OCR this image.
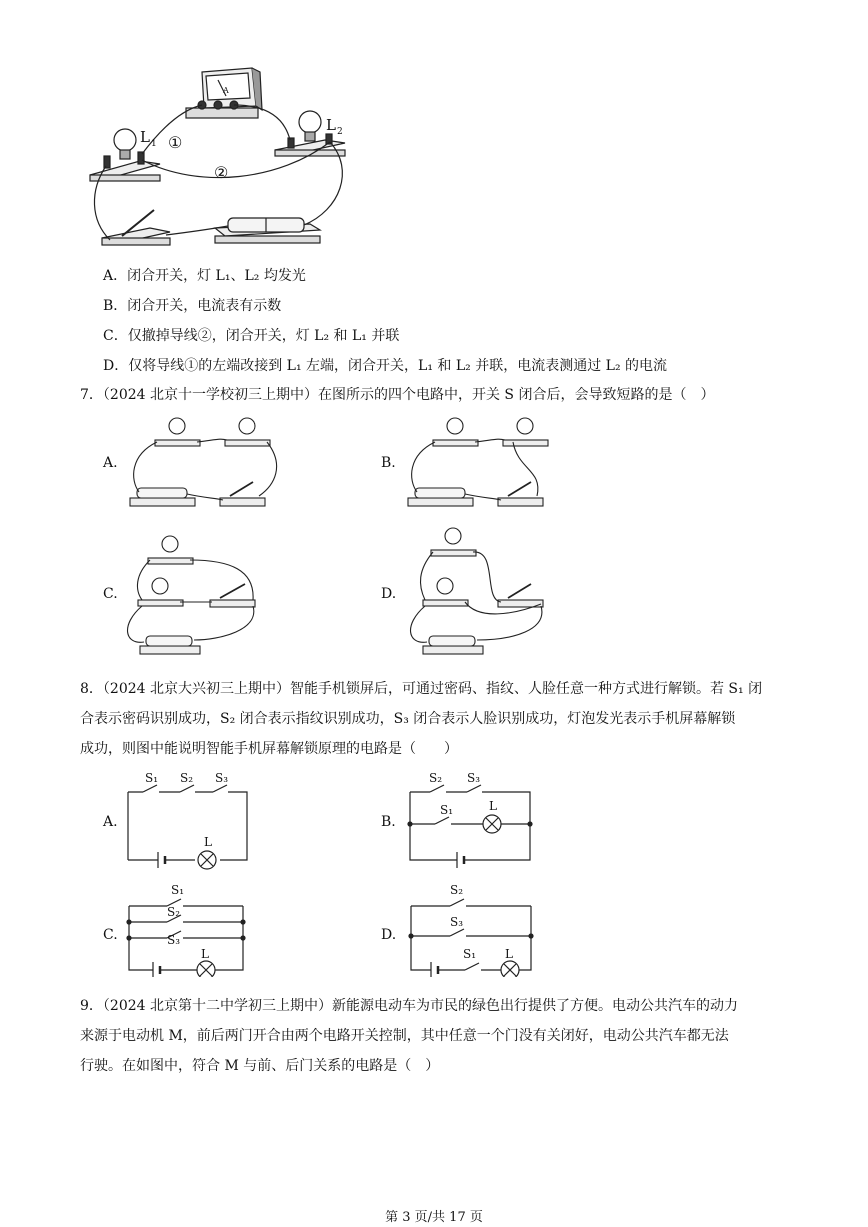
L 1
L 2
①
②
A
A．闭合开关，灯 L₁、L₂ 均发光
B．闭合开关，电流表有示数
C．仅撤掉导线②，闭合开关，灯 L₂ 和 L₁ 并联
D．仅将导线①的左端改接到 L₁ 左端，闭合开关，L₁ 和 L₂ 并联，电流表测通过 L₂ 的电流
7．（2024 北京十一学校初三上期中）在图所示的四个电路中，开关 S 闭合后，会导致短路的是（　）
A.	B.
C.	D.
8．（2024 北京大兴初三上期中）智能手机锁屏后，可通过密码、指纹、人脸任意一种方式进行解锁。若 S₁ 闭
合表示密码识别成功，S₂ 闭合表示指纹识别成功，S₃ 闭合表示人脸识别成功，灯泡发光表示手机屏幕解锁
成功，则图中能说明智能手机屏幕解锁原理的电路是（　　）
A.	B.
C.	D.
S₁ S₂ S₃
L
S₂ S₃
S₁	L
S₁
S₂
S₃
L
S₂
S₃
S₁ L
9．（2024 北京第十二中学初三上期中）新能源电动车为市民的绿色出行提供了方便。电动公共汽车的动力
来源于电动机 M，前后两门开合由两个电路开关控制，其中任意一个门没有关闭好，电动公共汽车都无法
行驶。在如图中，符合 M 与前、后门关系的电路是（　）
第 3 页/共 17 页
